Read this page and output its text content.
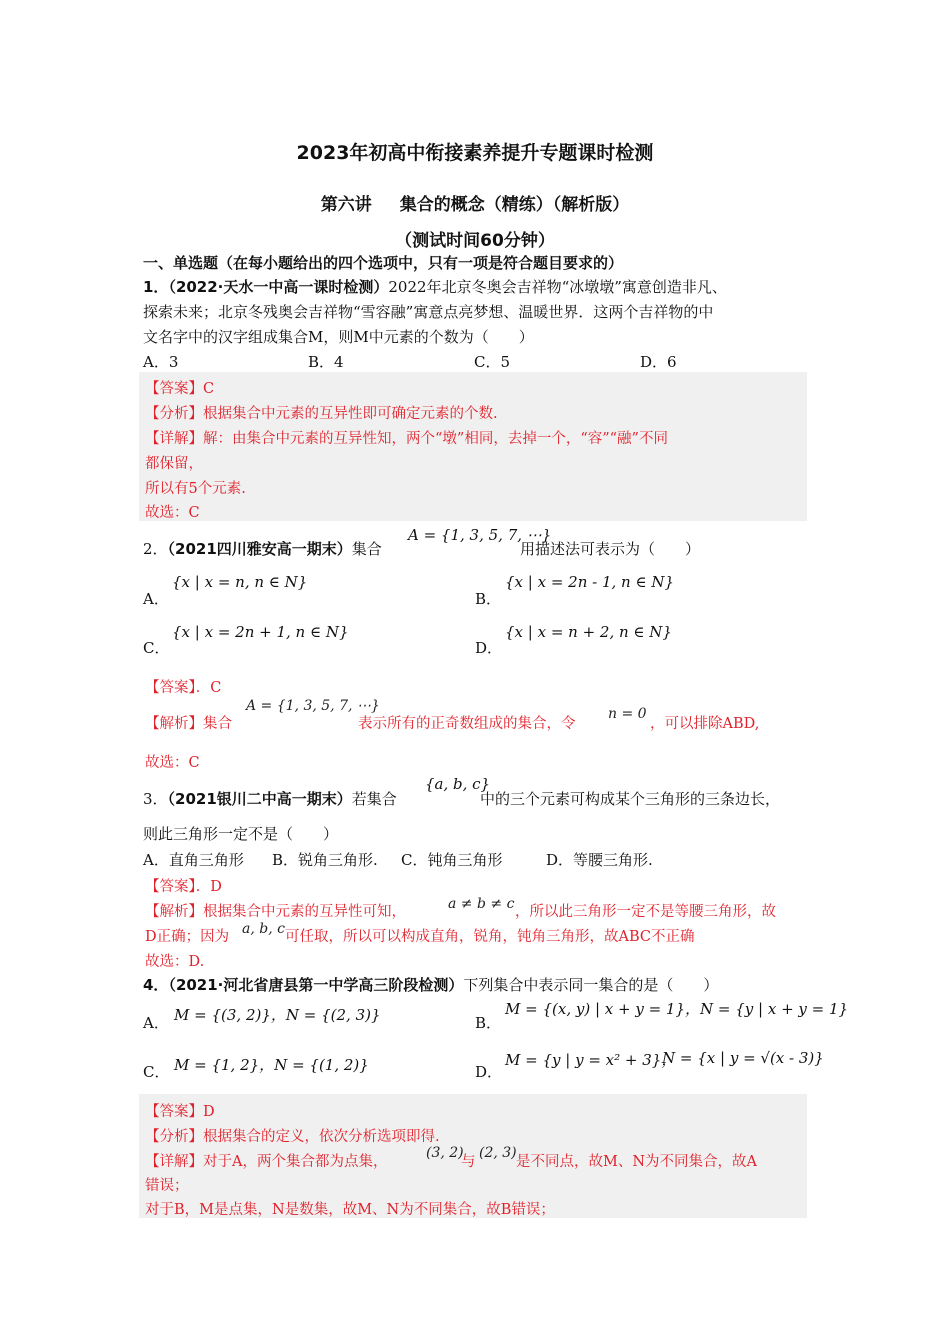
2023年初高中衔接素养提升专题课时检测
第六讲 集合的概念（精练）（解析版）
（测试时间60分钟）
一、单选题（在每小题给出的四个选项中，只有一项是符合题目要求的）
1．（2022·天水一中高一课时检测）2022年北京冬奥会吉祥物“冰墩墩”寓意创造非凡、
探索未来；北京冬残奥会吉祥物“雪容融”寓意点亮梦想、温暖世界．这两个吉祥物的中
文名字中的汉字组成集合M，则M中元素的个数为（　　）
A．3	B．4	C．5	D．6
【答案】C
【分析】根据集合中元素的互异性即可确定元素的个数.
【详解】解：由集合中元素的互异性知，两个“墩”相同，去掉一个，“容”“融”不同
都保留，
所以有5个元素.
故选：C
2．（2021四川雅安高一期末）集合
A = {1, 3, 5, 7, ⋯}
用描述法可表示为（　　）
A．
{x | x = n, n ∈ N}
B．
{x | x = 2n - 1, n ∈ N}
C．
{x | x = 2n + 1, n ∈ N}
D．
{x | x = n + 2, n ∈ N}
【答案】．C
【解析】集合
A = {1, 3, 5, 7, ⋯}
表示所有的正奇数组成的集合，令
n = 0
，可以排除ABD,
故选：C
3．（2021银川二中高一期末）若集合
{a, b, c}
中的三个元素可构成某个三角形的三条边长，
则此三角形一定不是（　　）
A．直角三角形 B．锐角三角形. C．钝角三角形	D．等腰三角形.
【答案】．D
【解析】根据集合中元素的互异性可知，	a ≠ b ≠ c ，所以此三角形一定不是等腰三角形，故
D正确；因为 a, b, c 可任取，所以可以构成直角，锐角，钝角三角形，故ABC不正确
故选：D.
4．（2021·河北省唐县第一中学高三阶段检测）下列集合中表示同一集合的是（　　）
A． M = {(3, 2)}，N = {(2, 3)}	B．
M = {(x, y) | x + y = 1}，N = {y | x + y = 1}
C． M = {1, 2}，N = {(1, 2)}	D．
M = {y | y = x² + 3}，
N = {x | y = √(x - 3)}
【答案】D
【分析】根据集合的定义，依次分析选项即得.
【详解】对于A，两个集合都为点集，
(3, 2)
与
(2, 3)
是不同点，故M、N为不同集合，故A
错误；
对于B，M是点集，N是数集，故M、N为不同集合，故B错误；
